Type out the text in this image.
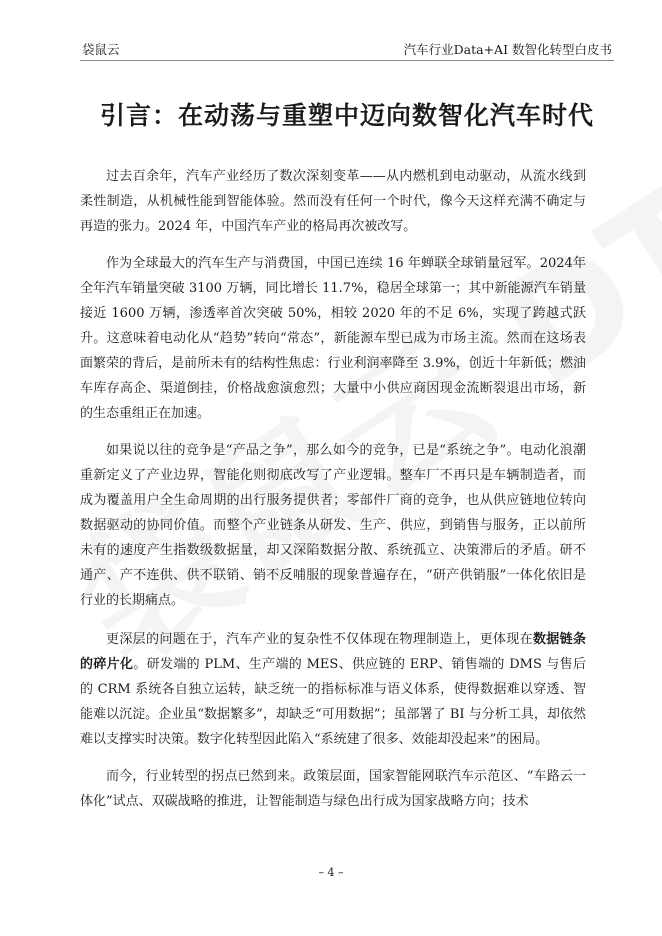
袋鼠云	汽车行业Data+AI 数智化转型白皮书
引言：在动荡与重塑中迈向数智化汽车时代

过去百余年，汽车产业经历了数次深刻变革——从内燃机到电动驱动，从流水线到柔性制造，从机械性能到智能体验。然而没有任何一个时代，像今天这样充满不确定与再造的张力。2024 年，中国汽车产业的格局再次被改写。

作为全球最大的汽车生产与消费国，中国已连续 16 年蝉联全球销量冠军。2024年全年汽车销量突破 3100 万辆，同比增长 11.7%，稳居全球第一；其中新能源汽车销量接近 1600 万辆，渗透率首次突破 50%，相较 2020 年的不足 6%，实现了跨越式跃升。这意味着电动化从“趋势”转向“常态”，新能源车型已成为市场主流。然而在这场表面繁荣的背后，是前所未有的结构性焦虑：行业利润率降至 3.9%，创近十年新低；燃油车库存高企、渠道倒挂，价格战愈演愈烈；大量中小供应商因现金流断裂退出市场，新的生态重组正在加速。

如果说以往的竞争是“产品之争”，那么如今的竞争，已是“系统之争”。电动化浪潮重新定义了产业边界，智能化则彻底改写了产业逻辑。整车厂不再只是车辆制造者，而成为覆盖用户全生命周期的出行服务提供者；零部件厂商的竞争，也从供应链地位转向数据驱动的协同价值。而整个产业链条从研发、生产、供应，到销售与服务，正以前所未有的速度产生指数级数据量，却又深陷数据分散、系统孤立、决策滞后的矛盾。研不通产、产不连供、供不联销、销不反哺服的现象普遍存在，“研产供销服”一体化依旧是行业的长期痛点。

更深层的问题在于，汽车产业的复杂性不仅体现在物理制造上，更体现在数据链条的碎片化。研发端的 PLM、生产端的 MES、供应链的 ERP、销售端的 DMS 与售后的 CRM 系统各自独立运转，缺乏统一的指标标准与语义体系，使得数据难以穿透、智能难以沉淀。企业虽“数据繁多”，却缺乏“可用数据”；虽部署了 BI 与分析工具，却依然难以支撑实时决策。数字化转型因此陷入“系统建了很多、效能却没起来”的困局。

而今，行业转型的拐点已然到来。政策层面，国家智能网联汽车示范区、“车路云一体化”试点、双碳战略的推进，让智能制造与绿色出行成为国家战略方向；技术

– 4 –
